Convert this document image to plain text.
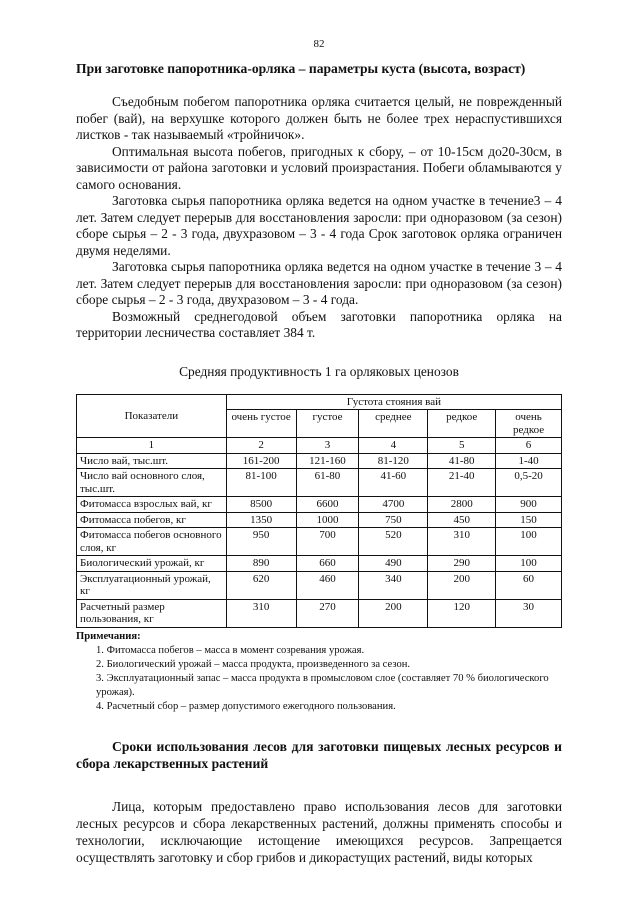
82
При заготовке папоротника-орляка – параметры куста (высота, возраст)

Съедобным побегом папоротника орляка считается целый, не поврежденный побег (вай), на верхушке которого должен быть не более трех нераспустившихся листков - так называемый «тройничок».

Оптимальная высота побегов, пригодных к сбору, – от 10-15см до20-30см, в зависимости от района заготовки и условий произрастания. Побеги обламываются у самого основания.

Заготовка сырья папоротника орляка ведется на одном участке в течение3 – 4 лет. Затем следует перерыв для восстановления заросли: при одноразовом (за сезон) сборе сырья – 2 - 3 года, двухразовом – 3 - 4 года Срок заготовок орляка ограничен двумя неделями.

Заготовка сырья папоротника орляка ведется на одном участке в течение 3 – 4 лет. Затем следует перерыв для восстановления заросли: при одноразовом (за сезон) сборе сырья – 2 - 3 года, двухразовом – 3 - 4 года.

Возможный среднегодовой объем заготовки папоротника орляка на территории лесничества составляет 384 т.

Средняя продуктивность 1 га орляковых ценозов
Показатели	Густота стояния вай				
	очень густое	густое	среднее	редкое	очень редкое
1	2	3	4	5	6
Число вай, тыс.шт.	161-200	121-160	81-120	41-80	1-40
Число вай основного слоя, тыс.шт.	81-100	61-80	41-60	21-40	0,5-20
Фитомасса взрослых вай, кг	8500	6600	4700	2800	900
Фитомасса побегов, кг	1350	1000	750	450	150
Фитомасса побегов основного слоя, кг	950	700	520	310	100
Биологический урожай, кг	890	660	490	290	100
Эксплуатационный урожай, кг	620	460	340	200	60
Расчетный размер пользования, кг	310	270	200	120	30
Примечания:
1. Фитомасса побегов – масса в момент созревания урожая.
2. Биологический урожай – масса продукта, произведенного за сезон.
3. Эксплуатационный запас – масса продукта в промысловом слое (составляет 70 % биологического урожая).
4. Расчетный сбор – размер допустимого ежегодного пользования.
Сроки использования лесов для заготовки пищевых лесных ресурсов и сбора лекарственных растений
Лица, которым предоставлено право использования лесов для заготовки лесных ресурсов и сбора лекарственных растений, должны применять способы и технологии, исключающие истощение имеющихся ресурсов. Запрещается осуществлять заготовку и сбор грибов и дикорастущих растений, виды которых
